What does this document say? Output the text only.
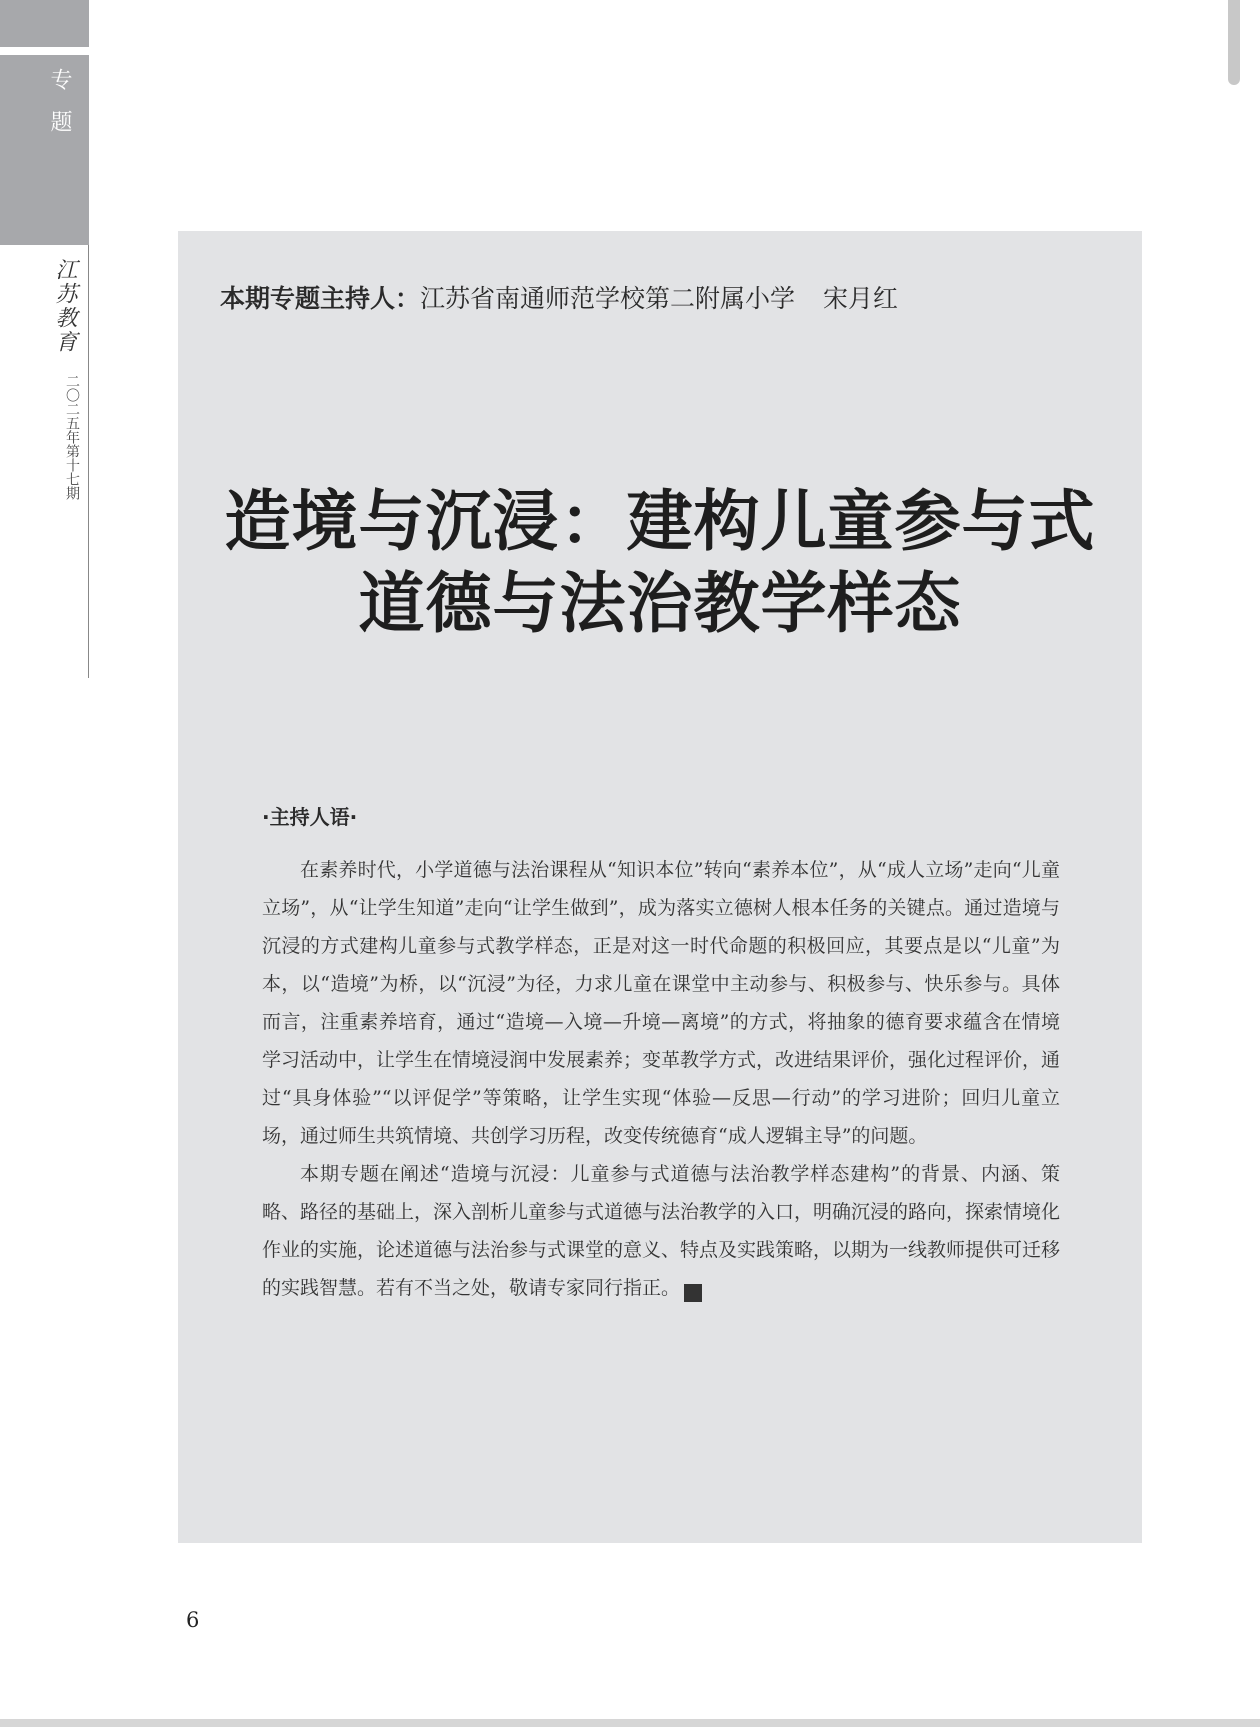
专题
江苏教育
二〇二五年第十七期
本期专题主持人：江苏省南通师范学校第二附属小学 宋月红
造境与沉浸：建构儿童参与式
道德与法治教学样态
·主持人语·

在素养时代，小学道德与法治课程从“知识本位”转向“素养本位”，从“成人立场”走向“儿童立场”，从“让学生知道”走向“让学生做到”，成为落实立德树人根本任务的关键点。通过造境与沉浸的方式建构儿童参与式教学样态，正是对这一时代命题的积极回应，其要点是以“儿童”为本，以“造境”为桥，以“沉浸”为径，力求儿童在课堂中主动参与、积极参与、快乐参与。具体而言，注重素养培育，通过“造境—入境—升境—离境”的方式，将抽象的德育要求蕴含在情境学习活动中，让学生在情境浸润中发展素养；变革教学方式，改进结果评价，强化过程评价，通过“具身体验”“以评促学”等策略，让学生实现“体验—反思—行动”的学习进阶；回归儿童立场，通过师生共筑情境、共创学习历程，改变传统德育“成人逻辑主导”的问题。

本期专题在阐述“造境与沉浸：儿童参与式道德与法治教学样态建构”的背景、内涵、策略、路径的基础上，深入剖析儿童参与式道德与法治教学的入口，明确沉浸的路向，探索情境化作业的实施，论述道德与法治参与式课堂的意义、特点及实践策略，以期为一线教师提供可迁移的实践智慧。若有不当之处，敬请专家同行指正。	▶

6
